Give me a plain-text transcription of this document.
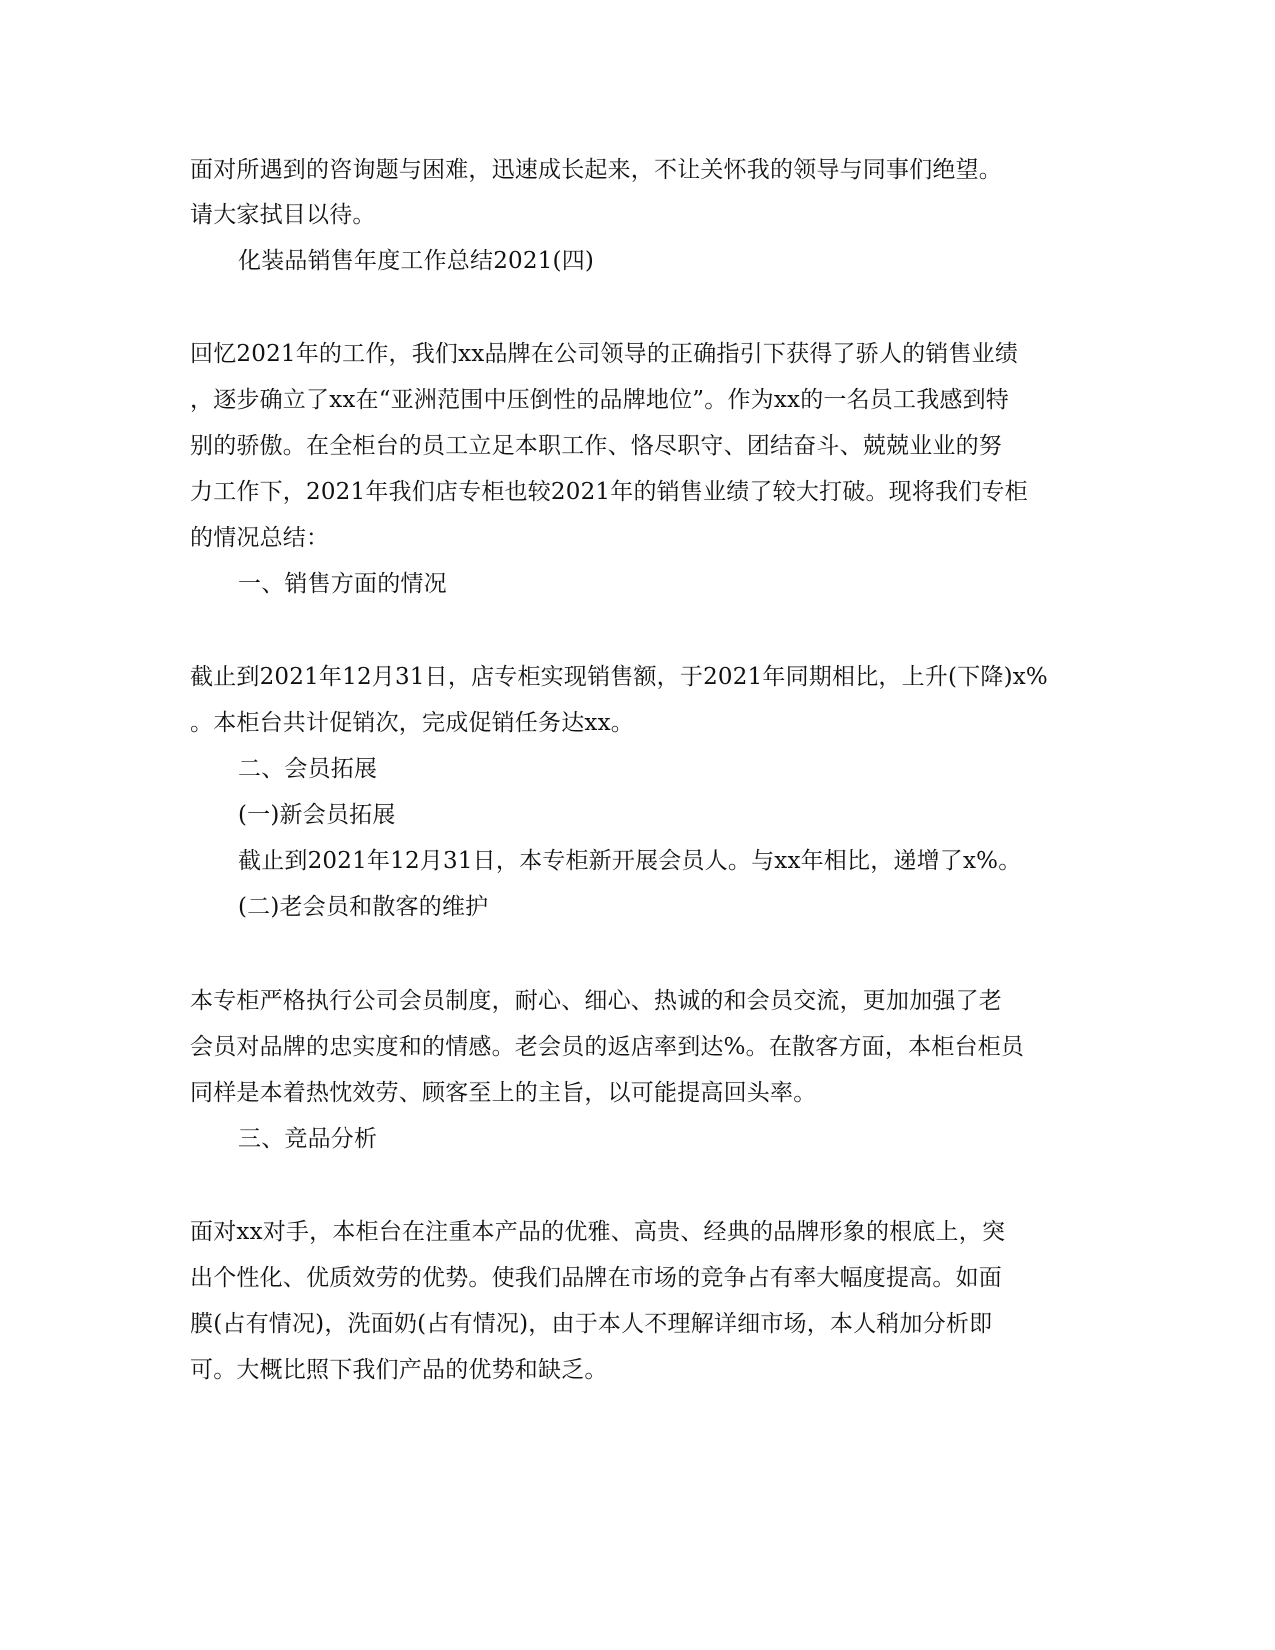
面对所遇到的咨询题与困难，迅速成长起来，不让关怀我的领导与同事们绝望。
请大家拭目以待。
化装品销售年度工作总结2021(四)
回忆2021年的工作，我们xx品牌在公司领导的正确指引下获得了骄人的销售业绩
，逐步确立了xx在“亚洲范围中压倒性的品牌地位”。作为xx的一名员工我感到特
别的骄傲。在全柜台的员工立足本职工作、恪尽职守、团结奋斗、兢兢业业的努
力工作下，2021年我们店专柜也较2021年的销售业绩了较大打破。现将我们专柜
的情况总结：
一、销售方面的情况
截止到2021年12月31日，店专柜实现销售额，于2021年同期相比，上升(下降)x%
。本柜台共计促销次，完成促销任务达xx。
二、会员拓展
(一)新会员拓展
截止到2021年12月31日，本专柜新开展会员人。与xx年相比，递增了x%。
(二)老会员和散客的维护
本专柜严格执行公司会员制度，耐心、细心、热诚的和会员交流，更加加强了老
会员对品牌的忠实度和的情感。老会员的返店率到达%。在散客方面，本柜台柜员
同样是本着热忱效劳、顾客至上的主旨，以可能提高回头率。
三、竞品分析
面对xx对手，本柜台在注重本产品的优雅、高贵、经典的品牌形象的根底上，突
出个性化、优质效劳的优势。使我们品牌在市场的竞争占有率大幅度提高。如面
膜(占有情况)，洗面奶(占有情况)，由于本人不理解详细市场，本人稍加分析即
可。大概比照下我们产品的优势和缺乏。
